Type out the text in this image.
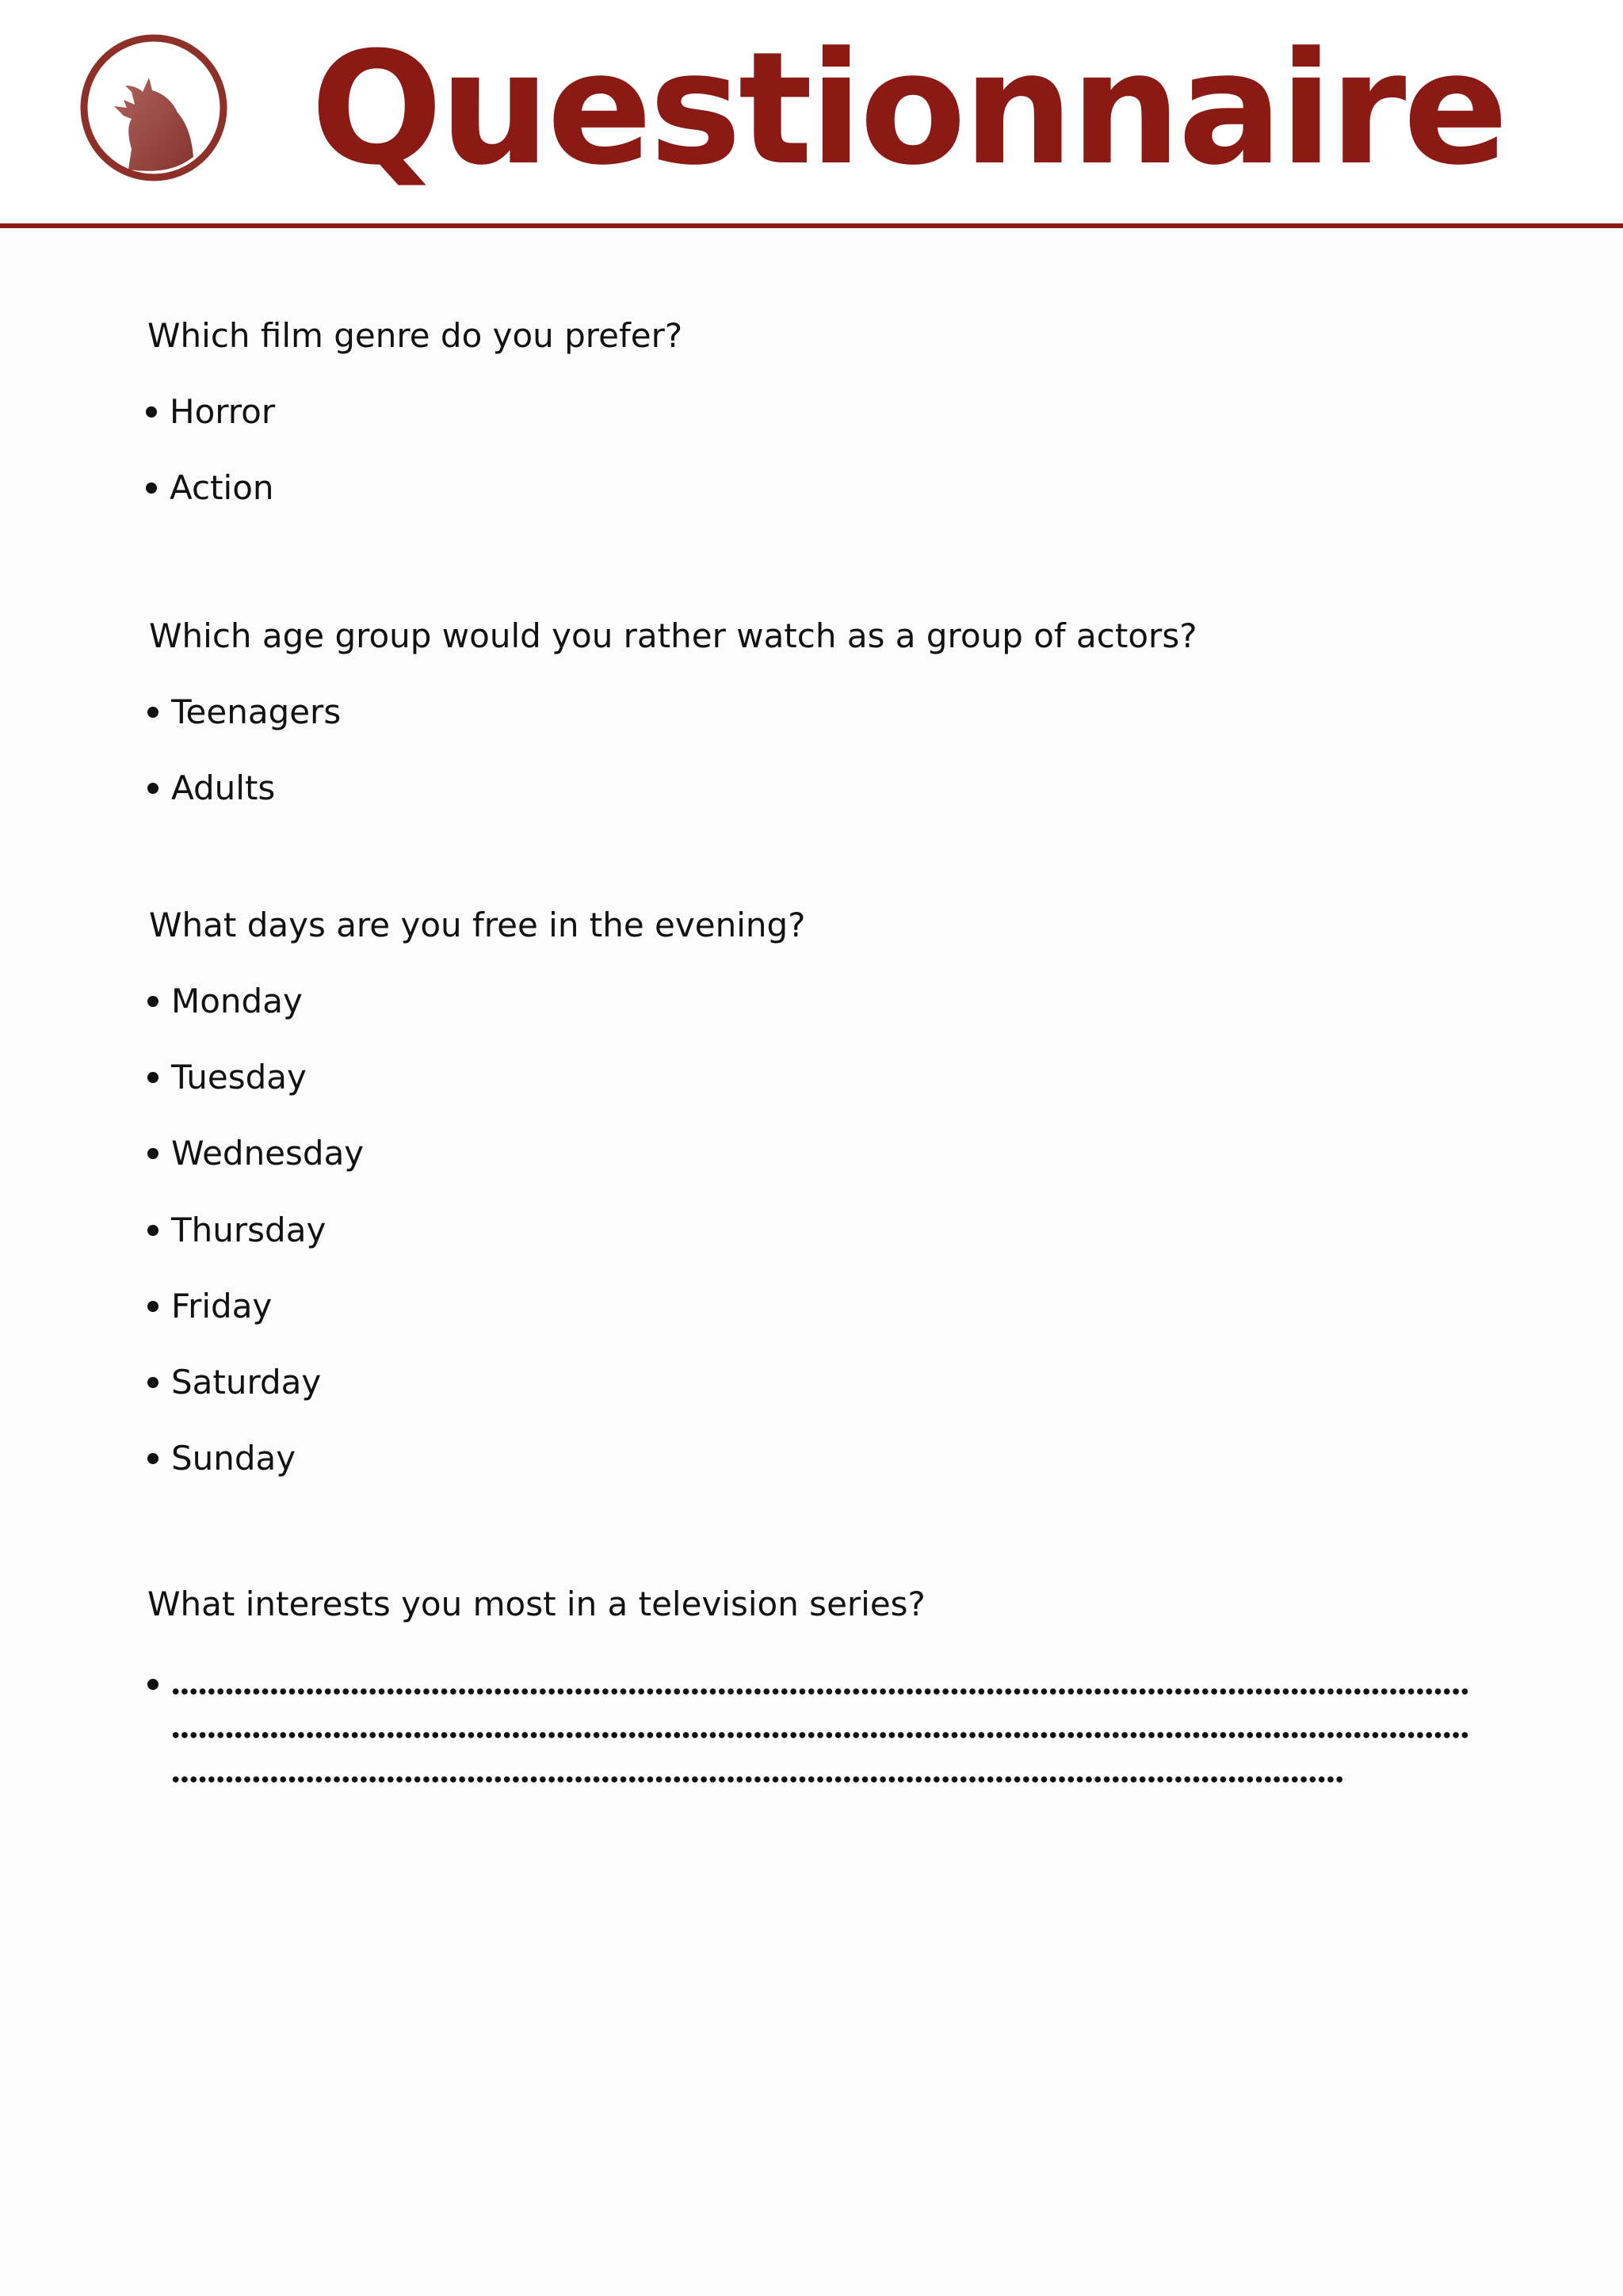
Questionnaire
Which film genre do you prefer?
Horror
Action
Which age group would you rather watch as a group of actors?
Teenagers
Adults
What days are you free in the evening?
Monday
Tuesday
Wednesday
Thursday
Friday
Saturday
Sunday
What interests you most in a television series?
